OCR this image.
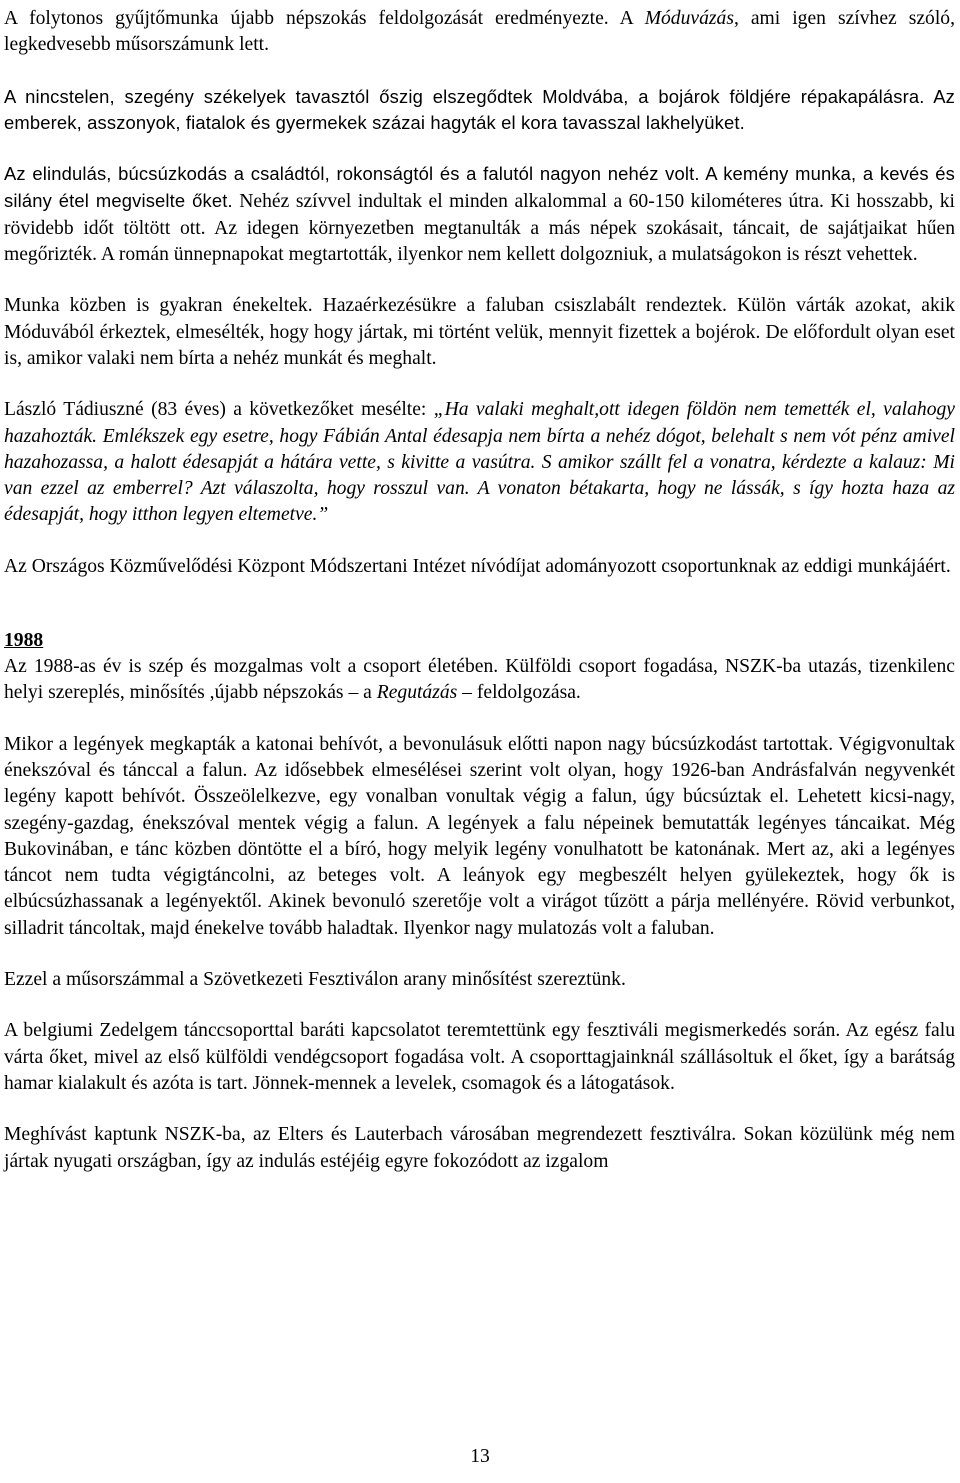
A folytonos gyűjtőmunka újabb népszokás feldolgozását eredményezte. A Móduvázás, ami igen szívhez szóló, legkedvesebb műsorszámunk lett.

A nincstelen, szegény székelyek tavasztól őszig elszegődtek Moldvába, a bojárok földjére répakapálásra. Az emberek, asszonyok, fiatalok és gyermekek százai hagyták el kora tavasszal lakhelyüket.

Az elindulás, búcsúzkodás a családtól, rokonságtól és a falutól nagyon nehéz volt. A kemény munka, a kevés és silány étel megviselte őket. Nehéz szívvel indultak el minden alkalommal a 60-150 kilométeres útra. Ki hosszabb, ki rövidebb időt töltött ott. Az idegen környezetben megtanulták a más népek szokásait, táncait, de sajátjaikat hűen megőrizték. A román ünnepnapokat megtartották, ilyenkor nem kellett dolgozniuk, a mulatságokon is részt vehettek.

Munka közben is gyakran énekeltek. Hazaérkezésükre a faluban csiszlabált rendeztek. Külön várták azokat, akik Móduvából érkeztek, elmesélték, hogy hogy jártak, mi történt velük, mennyit fizettek a bojérok. De előfordult olyan eset is, amikor valaki nem bírta a nehéz munkát és meghalt.

László Tádiuszné (83 éves) a következőket mesélte: „Ha valaki meghalt,ott idegen földön nem temették el, valahogy hazahozták. Emlékszek egy esetre, hogy Fábián Antal édesapja nem bírta a nehéz dógot, belehalt s nem vót pénz amivel hazahozassa, a halott édesapját a hátára vette, s kivitte a vasútra. S amikor szállt fel a vonatra, kérdezte a kalauz: Mi van ezzel az emberrel? Azt válaszolta, hogy rosszul van. A vonaton bétakarta, hogy ne lássák, s így hozta haza az édesapját, hogy itthon legyen eltemetve.”

Az Országos Közművelődési Központ Módszertani Intézet nívódíjat adományozott csoportunknak az eddigi munkájáért.

1988

Az 1988-as év is szép és mozgalmas volt a csoport életében. Külföldi csoport fogadása, NSZK-ba utazás, tizenkilenc helyi szereplés, minősítés ,újabb népszokás – a Regutázás – feldolgozása.

Mikor a legények megkapták a katonai behívót, a bevonulásuk előtti napon nagy búcsúzkodást tartottak. Végigvonultak énekszóval és tánccal a falun. Az idősebbek elmesélései szerint volt olyan, hogy 1926-ban Andrásfalván negyvenkét legény kapott behívót. Összeölelkezve, egy vonalban vonultak végig a falun, úgy búcsúztak el. Lehetett kicsi-nagy, szegény-gazdag, énekszóval mentek végig a falun. A legények a falu népeinek bemutatták legényes táncaikat. Még Bukovinában, e tánc közben döntötte el a bíró, hogy melyik legény vonulhatott be katonának. Mert az, aki a legényes táncot nem tudta végigtáncolni, az beteges volt. A leányok egy megbeszélt helyen gyülekeztek, hogy ők is elbúcsúzhassanak a legényektől. Akinek bevonuló szeretője volt a virágot tűzött a párja mellényére. Rövid verbunkot, silladrit táncoltak, majd énekelve tovább haladtak. Ilyenkor nagy mulatozás volt a faluban.

Ezzel a műsorszámmal a Szövetkezeti Fesztiválon arany minősítést szereztünk.

A belgiumi Zedelgem tánccsoporttal baráti kapcsolatot teremtettünk egy fesztiváli megismerkedés során. Az egész falu várta őket, mivel az első külföldi vendégcsoport fogadása volt. A csoporttagjainknál szállásoltuk el őket, így a barátság hamar kialakult és azóta is tart. Jönnek-mennek a levelek, csomagok és a látogatások.

Meghívást kaptunk NSZK-ba, az Elters és Lauterbach városában megrendezett fesztiválra. Sokan közülünk még nem jártak nyugati országban, így az indulás estéjéig egyre fokozódott az izgalom

13
